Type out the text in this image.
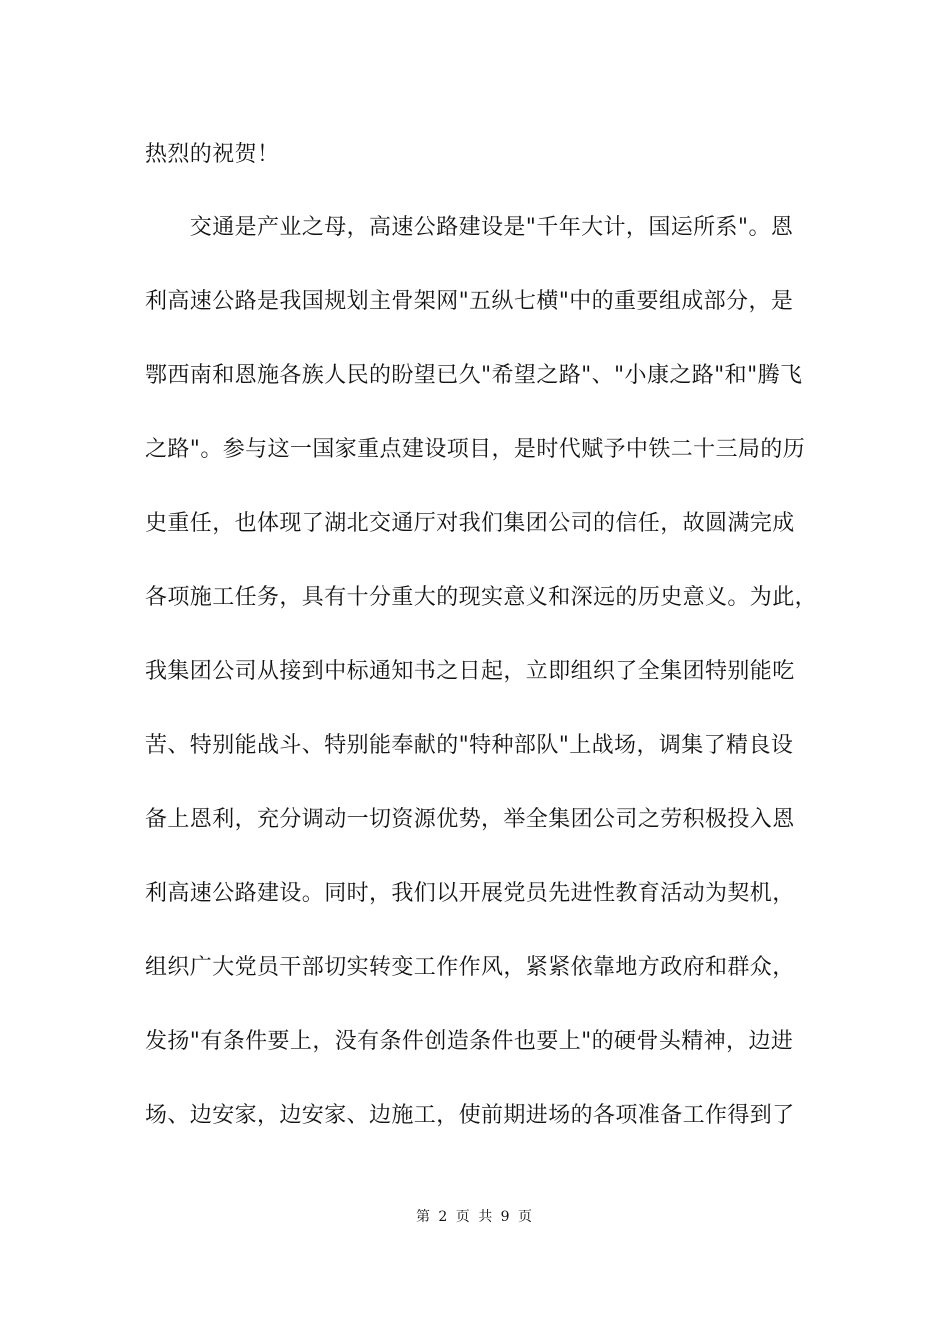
热烈的祝贺！
　　交通是产业之母，高速公路建设是"千年大计，国运所系"。恩
利高速公路是我国规划主骨架网"五纵七横"中的重要组成部分，是
鄂西南和恩施各族人民的盼望已久"希望之路"、"小康之路"和"腾飞
之路"。参与这一国家重点建设项目，是时代赋予中铁二十三局的历
史重任，也体现了湖北交通厅对我们集团公司的信任，故圆满完成
各项施工任务，具有十分重大的现实意义和深远的历史意义。为此，
我集团公司从接到中标通知书之日起，立即组织了全集团特别能吃
苦、特别能战斗、特别能奉献的"特种部队"上战场，调集了精良设
备上恩利，充分调动一切资源优势，举全集团公司之劳积极投入恩
利高速公路建设。同时，我们以开展党员先进性教育活动为契机，
组织广大党员干部切实转变工作作风，紧紧依靠地方政府和群众，
发扬"有条件要上，没有条件创造条件也要上"的硬骨头精神，边进
场、边安家，边安家、边施工，使前期进场的各项准备工作得到了
第 2 页 共 9 页
